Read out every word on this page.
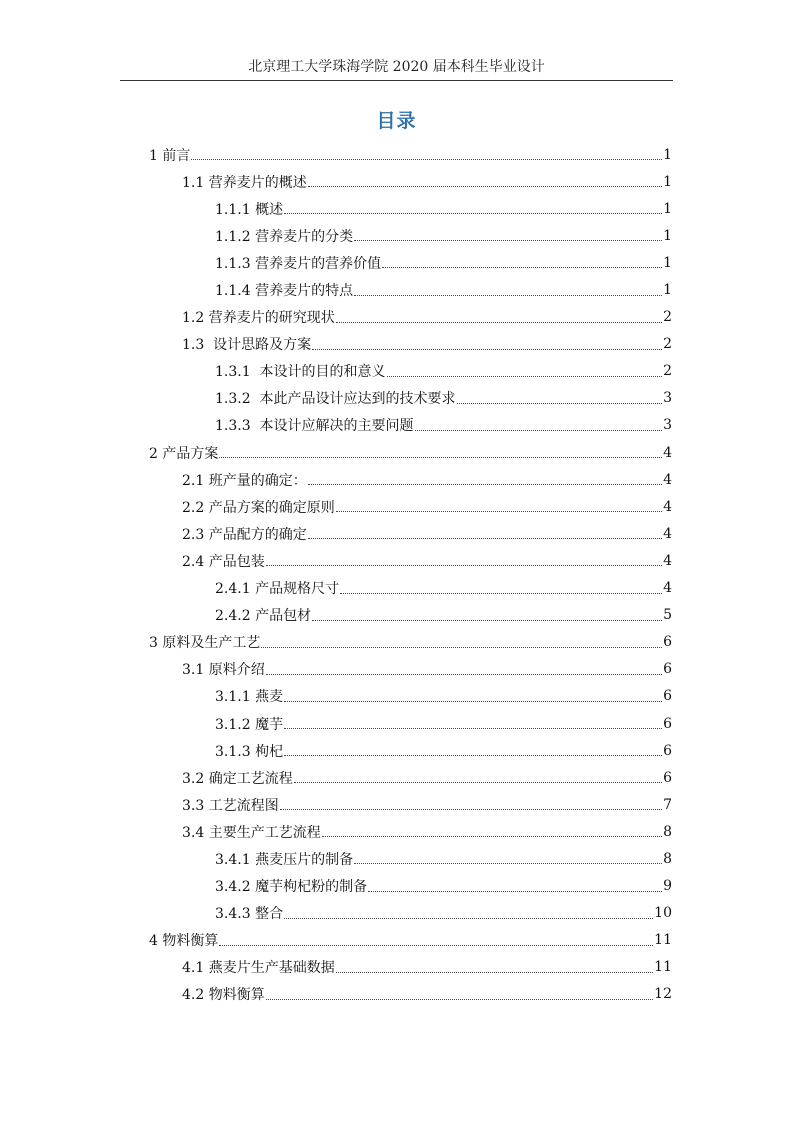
北京理工大学珠海学院 2020 届本科生毕业设计
目录
1 前言	1
1.1 营养麦片的概述	1
1.1.1 概述	1
1.1.2 营养麦片的分类	1
1.1.3 营养麦片的营养价值	1
1.1.4 营养麦片的特点	1
1.2 营养麦片的研究现状	2
1.3  设计思路及方案	2
1.3.1  本设计的目的和意义	2
1.3.2  本此产品设计应达到的技术要求	3
1.3.3  本设计应解决的主要问题	3
2 产品方案	4
2.1 班产量的确定：	4
2.2 产品方案的确定原则	4
2.3 产品配方的确定	4
2.4 产品包装	4
2.4.1 产品规格尺寸	4
2.4.2 产品包材	5
3 原料及生产工艺	6
3.1 原料介绍	6
3.1.1 燕麦	6
3.1.2 魔芋	6
3.1.3 枸杞	6
3.2 确定工艺流程	6
3.3 工艺流程图	7
3.4 主要生产工艺流程	8
3.4.1 燕麦压片的制备	8
3.4.2 魔芋枸杞粉的制备	9
3.4.3 整合	10
4 物料衡算	11
4.1 燕麦片生产基础数据	11
4.2 物料衡算	12
